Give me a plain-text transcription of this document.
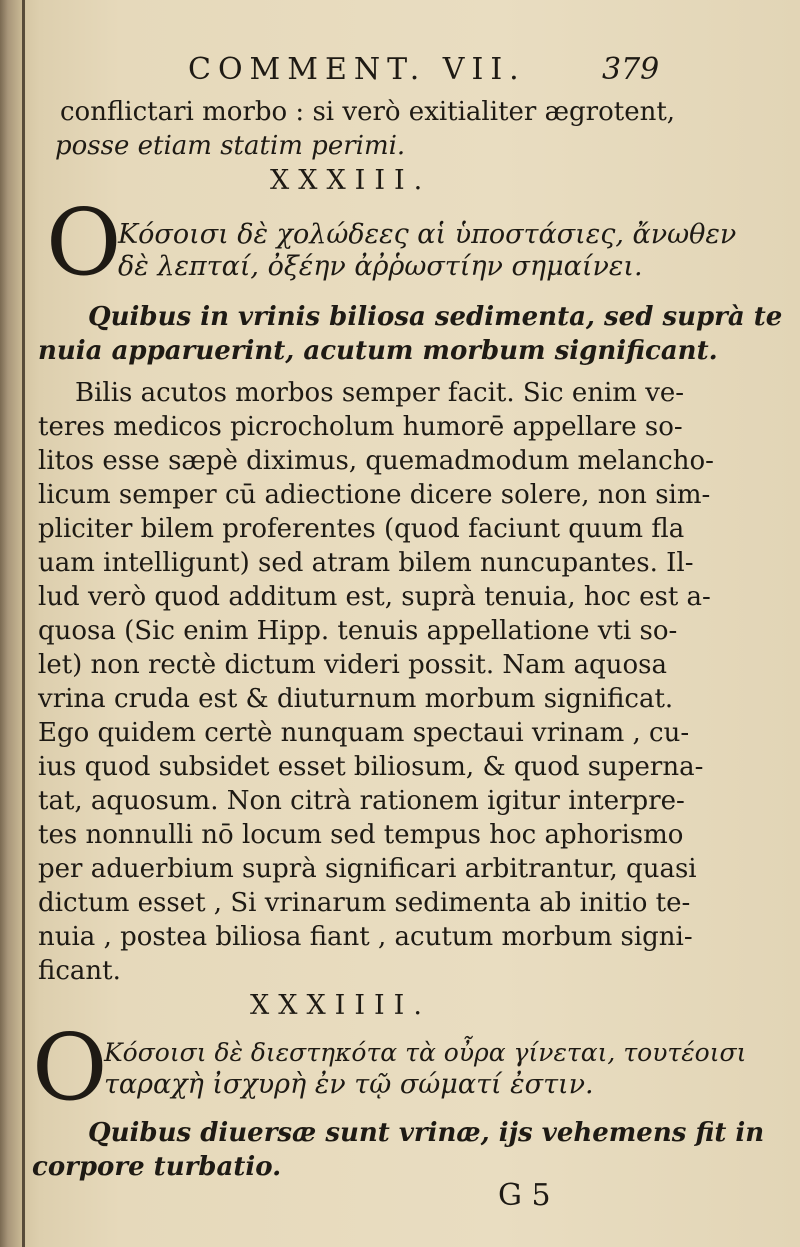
COMMENT. VII.	379
conflictari morbo : si verò exitialiter ægrotent,
posse etiam statim perimi.
XXXIII.
O
Κόσοισι δὲ χολώδεες αἱ ὑποστάσιες, ἄνωθεν
δὲ λεπταί, ὀξέην ἀῤῥωστίην σημαίνει.
Quibus in vrinis biliosa sedimenta, sed suprà te
nuia apparuerint, acutum morbum significant.
Bilis acutos morbos semper facit. Sic enim ve-
teres medicos picrocholum humorē appellare so-
litos esse sæpè diximus, quemadmodum melancho-
licum semper cū adiectione dicere solere, non sim-
pliciter bilem proferentes (quod faciunt quum fla
uam intelligunt) sed atram bilem nuncupantes. Il-
lud verò quod additum est, suprà tenuia, hoc est a-
quosa (Sic enim Hipp. tenuis appellatione vti so-
let) non rectè dictum videri possit. Nam aquosa
vrina cruda est & diuturnum morbum significat.
Ego quidem certè nunquam spectaui vrinam , cu-
ius quod subsidet esset biliosum, & quod superna-
tat, aquosum. Non citrà rationem igitur interpre-
tes nonnulli nō locum sed tempus hoc aphorismo
per aduerbium suprà significari arbitrantur, quasi
dictum esset , Si vrinarum sedimenta ab initio te-
nuia , postea biliosa fiant , acutum morbum signi-
ficant.
XXXIIII.
O
Κόσοισι δὲ διεστηκότα τὰ οὖρα γίνεται, τουτέοισι
ταραχὴ ἰσχυρὴ ἐν τῷ σώματί ἐστιν.
Quibus diuersæ sunt vrinæ, ijs vehemens fit in
corpore turbatio.
G 5
